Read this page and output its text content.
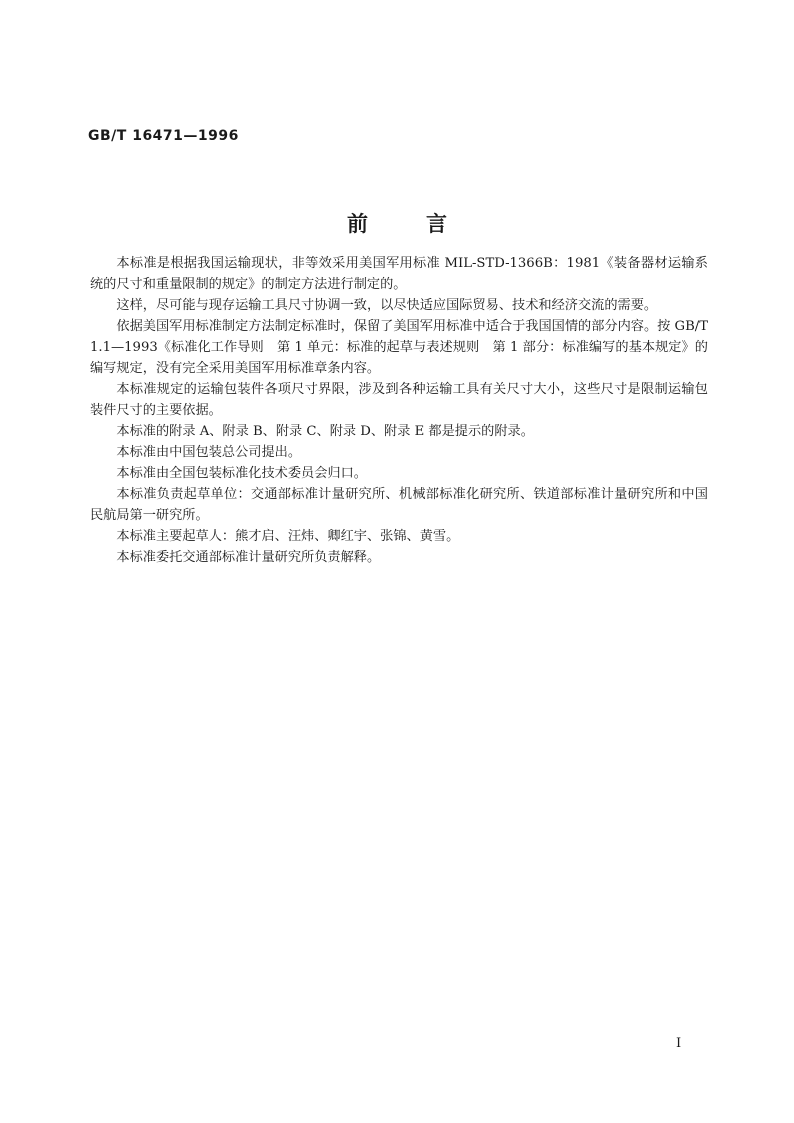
GB/T 16471—1996
前言

本标准是根据我国运输现状，非等效采用美国军用标准 MIL-STD-1366B：1981《装备器材运输系统的尺寸和重量限制的规定》的制定方法进行制定的。

这样，尽可能与现存运输工具尺寸协调一致，以尽快适应国际贸易、技术和经济交流的需要。

依据美国军用标准制定方法制定标准时，保留了美国军用标准中适合于我国国情的部分内容。按 GB/T 1.1—1993《标准化工作导则　第 1 单元：标准的起草与表述规则　第 1 部分：标准编写的基本规定》的编写规定，没有完全采用美国军用标准章条内容。

本标准规定的运输包装件各项尺寸界限，涉及到各种运输工具有关尺寸大小，这些尺寸是限制运输包装件尺寸的主要依据。

本标准的附录 A、附录 B、附录 C、附录 D、附录 E 都是提示的附录。

本标准由中国包装总公司提出。

本标准由全国包装标准化技术委员会归口。

本标准负责起草单位：交通部标准计量研究所、机械部标准化研究所、铁道部标准计量研究所和中国民航局第一研究所。

本标准主要起草人：熊才启、汪炜、卿红宇、张锦、黄雪。

本标准委托交通部标准计量研究所负责解释。

I
